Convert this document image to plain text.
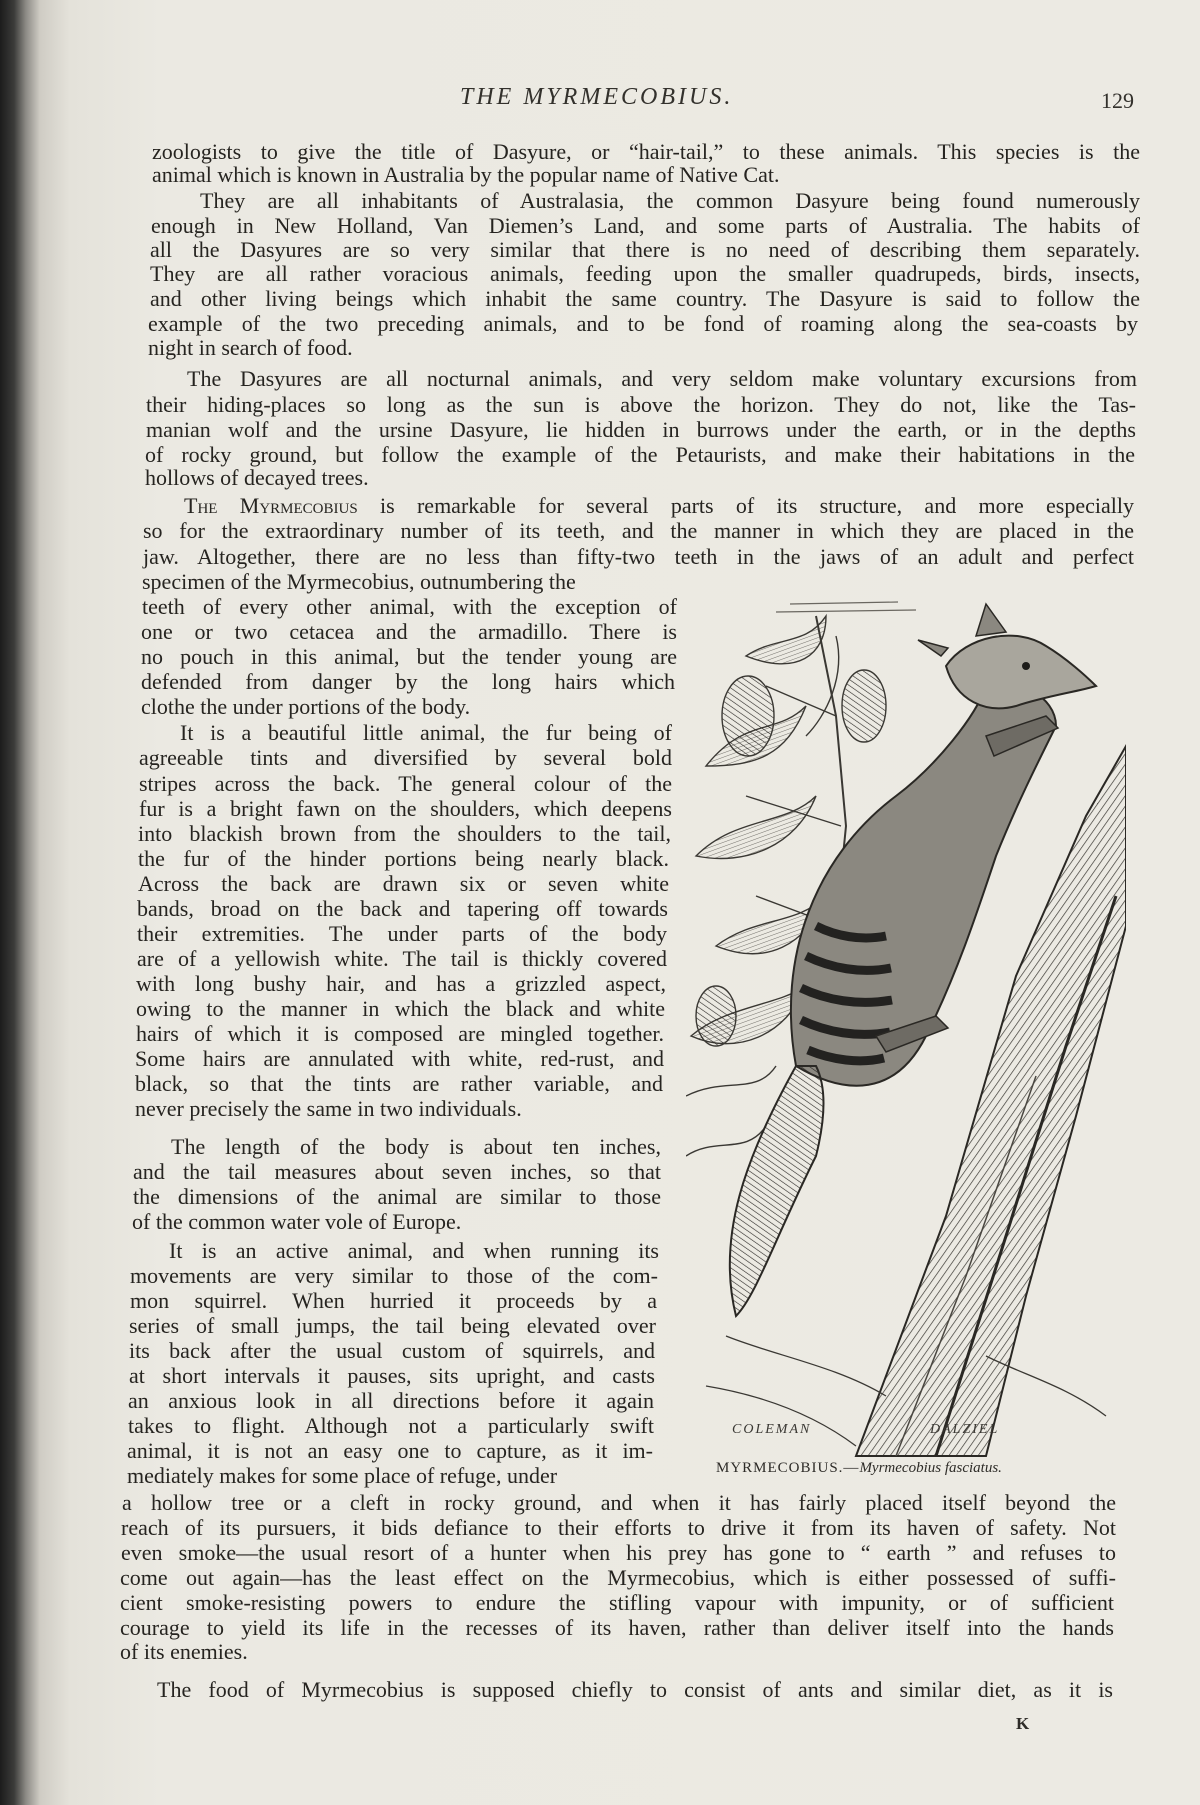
THE MYRMECOBIUS.	129
zoologists to give the title of Dasyure, or “hair-tail,” to these animals. This species is the
animal which is known in Australia by the popular name of Native Cat.
They are all inhabitants of Australasia, the common Dasyure being found numerously
enough in New Holland, Van Diemen’s Land, and some parts of Australia. The habits of
all the Dasyures are so very similar that there is no need of describing them separately.
They are all rather voracious animals, feeding upon the smaller quadrupeds, birds, insects,
and other living beings which inhabit the same country. The Dasyure is said to follow the
example of the two preceding animals, and to be fond of roaming along the sea-coasts by
night in search of food.
The Dasyures are all nocturnal animals, and very seldom make voluntary excursions from
their hiding-places so long as the sun is above the horizon. They do not, like the Tas-
manian wolf and the ursine Dasyure, lie hidden in burrows under the earth, or in the depths
of rocky ground, but follow the example of the Petaurists, and make their habitations in the
hollows of decayed trees.
The Myrmecobius is remarkable for several parts of its structure, and more especially
so for the extraordinary number of its teeth, and the manner in which they are placed in the
jaw. Altogether, there are no less than fifty-two teeth in the jaws of an adult and perfect
specimen of the Myrmecobius, outnumbering the
teeth of every other animal, with the exception of
one or two cetacea and the armadillo. There is
no pouch in this animal, but the tender young are
defended from danger by the long hairs which
clothe the under portions of the body.
It is a beautiful little animal, the fur being of
agreeable tints and diversified by several bold
stripes across the back. The general colour of the
fur is a bright fawn on the shoulders, which deepens
into blackish brown from the shoulders to the tail,
the fur of the hinder portions being nearly black.
Across the back are drawn six or seven white
bands, broad on the back and tapering off towards
their extremities. The under parts of the body
are of a yellowish white. The tail is thickly covered
with long bushy hair, and has a grizzled aspect,
owing to the manner in which the black and white
hairs of which it is composed are mingled together.
Some hairs are annulated with white, red-rust, and
black, so that the tints are rather variable, and
never precisely the same in two individuals.
The length of the body is about ten inches,
and the tail measures about seven inches, so that
the dimensions of the animal are similar to those
of the common water vole of Europe.
It is an active animal, and when running its
movements are very similar to those of the com-
mon squirrel. When hurried it proceeds by a
series of small jumps, the tail being elevated over
its back after the usual custom of squirrels, and
at short intervals it pauses, sits upright, and casts
an anxious look in all directions before it again
takes to flight. Although not a particularly swift
animal, it is not an easy one to capture, as it im-
mediately makes for some place of refuge, under
a hollow tree or a cleft in rocky ground, and when it has fairly placed itself beyond the
reach of its pursuers, it bids defiance to their efforts to drive it from its haven of safety. Not
even smoke—the usual resort of a hunter when his prey has gone to “ earth ” and refuses to
come out again—has the least effect on the Myrmecobius, which is either possessed of suffi-
cient smoke-resisting powers to endure the stifling vapour with impunity, or of sufficient
courage to yield its life in the recesses of its haven, rather than deliver itself into the hands
of its enemies.
The food of Myrmecobius is supposed chiefly to consist of ants and similar diet, as it is
COLEMAN	DALZIEL
MYRMECOBIUS.—Myrmecobius fasciatus.
K
